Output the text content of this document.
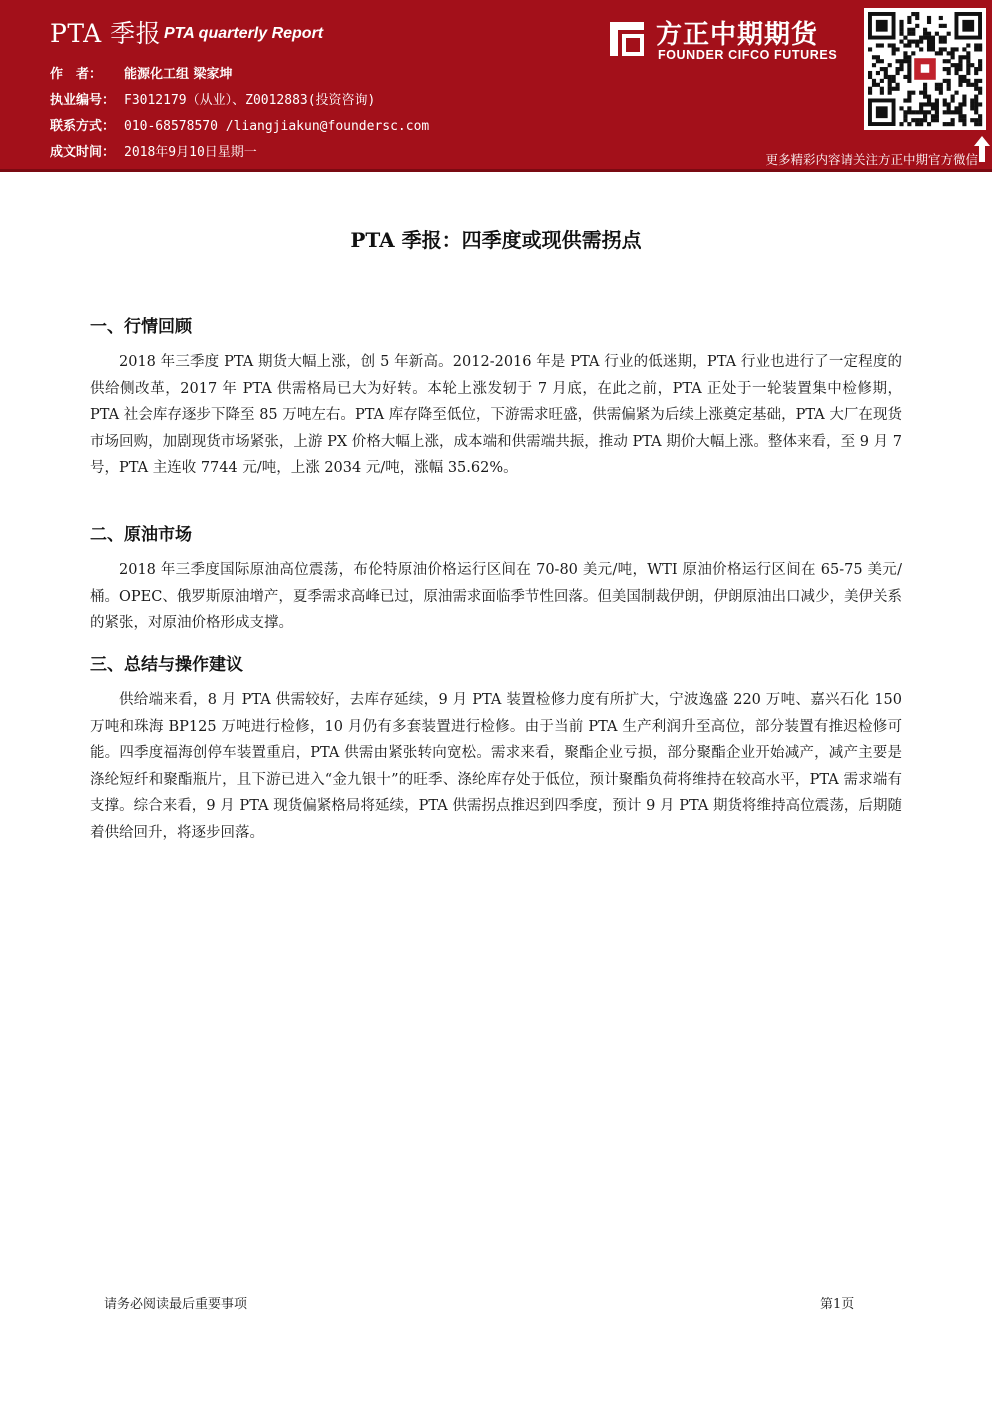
PTA 季报 PTA quarterly Report
作　者：	能源化工组 梁家坤
执业编号： F3012179（从业）、Z0012883(投资咨询)
联系方式： 010-68578570 /liangjiakun@foundersc.com
成文时间： 2018年9月10日星期一
方正中期期货
FOUNDER CIFCO FUTURES
更多精彩内容请关注方正中期官方微信
PTA 季报：四季度或现供需拐点
一、行情回顾

2018 年三季度 PTA 期货大幅上涨，创 5 年新高。2012-2016 年是 PTA 行业的低迷期，PTA 行业也进行了一定程度的供给侧改革，2017 年 PTA 供需格局已大为好转。本轮上涨发轫于 7 月底，在此之前，PTA 正处于一轮装置集中检修期，PTA 社会库存逐步下降至 85 万吨左右。PTA 库存降至低位，下游需求旺盛，供需偏紧为后续上涨奠定基础，PTA 大厂在现货市场回购，加剧现货市场紧张，上游 PX 价格大幅上涨，成本端和供需端共振，推动 PTA 期价大幅上涨。整体来看，至 9 月 7 号，PTA 主连收 7744 元/吨，上涨 2034 元/吨，涨幅 35.62%。

二、原油市场

2018 年三季度国际原油高位震荡，布伦特原油价格运行区间在 70-80 美元/吨，WTI 原油价格运行区间在 65-75 美元/桶。OPEC、俄罗斯原油增产，夏季需求高峰已过，原油需求面临季节性回落。但美国制裁伊朗，伊朗原油出口减少，美伊关系的紧张，对原油价格形成支撑。

三、总结与操作建议

供给端来看，8 月 PTA 供需较好，去库存延续，9 月 PTA 装置检修力度有所扩大，宁波逸盛 220 万吨、嘉兴石化 150 万吨和珠海 BP125 万吨进行检修，10 月仍有多套装置进行检修。由于当前 PTA 生产利润升至高位，部分装置有推迟检修可能。四季度福海创停车装置重启，PTA 供需由紧张转向宽松。需求来看，聚酯企业亏损，部分聚酯企业开始减产，减产主要是涤纶短纤和聚酯瓶片，且下游已进入“金九银十”的旺季、涤纶库存处于低位，预计聚酯负荷将维持在较高水平，PTA 需求端有支撑。综合来看，9 月 PTA 现货偏紧格局将延续，PTA 供需拐点推迟到四季度，预计 9 月 PTA 期货将维持高位震荡，后期随着供给回升，将逐步回落。

请务必阅读最后重要事项	第1页
